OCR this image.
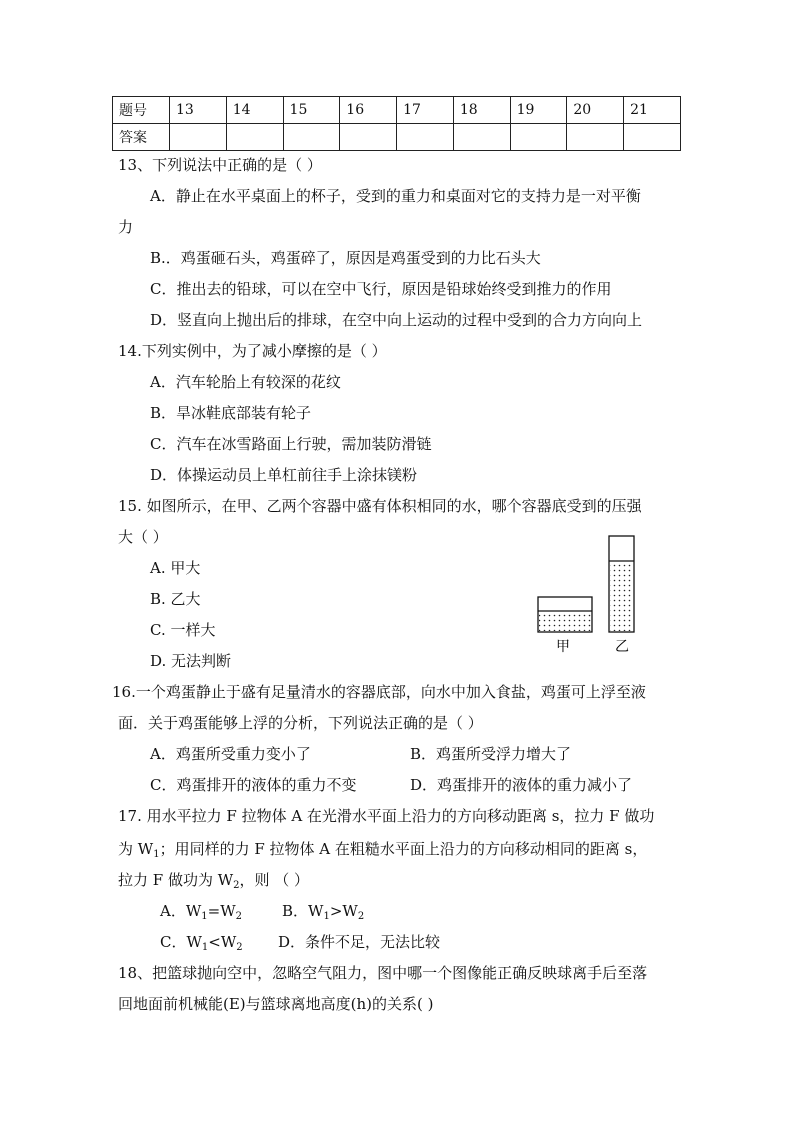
题号	13	14	15	16	17	18	19	20	21
答案									
13、下列说法中正确的是（ ）
A．静止在水平桌面上的杯子，受到的重力和桌面对它的支持力是一对平衡
力
B.．鸡蛋砸石头，鸡蛋碎了，原因是鸡蛋受到的力比石头大
C．推出去的铅球，可以在空中飞行，原因是铅球始终受到推力的作用
D．竖直向上抛出后的排球，在空中向上运动的过程中受到的合力方向向上
14.下列实例中，为了减小摩擦的是（ ）
A．汽车轮胎上有较深的花纹
B．旱冰鞋底部装有轮子
C．汽车在冰雪路面上行驶，需加装防滑链
D．体操运动员上单杠前往手上涂抹镁粉
15. 如图所示，在甲、乙两个容器中盛有体积相同的水，哪个容器底受到的压强
大（ ）
A. 甲大
B. 乙大
C. 一样大
D. 无法判断
甲	乙
16.一个鸡蛋静止于盛有足量清水的容器底部，向水中加入食盐，鸡蛋可上浮至液
面．关于鸡蛋能够上浮的分析，下列说法正确的是（ ）
A．鸡蛋所受重力变小了	B．鸡蛋所受浮力增大了
C．鸡蛋排开的液体的重力不变	D．鸡蛋排开的液体的重力减小了
17. 用水平拉力 F 拉物体 A 在光滑水平面上沿力的方向移动距离 s，拉力 F 做功
为 $W_1$；用同样的力 F 拉物体 A 在粗糙水平面上沿力的方向移动相同的距离 s，
拉力 F 做功为 $W_2$，则 （ ）
A．$W_1=W_2$	B．$W_1>W_2$
C．$W_1<W_2$ D．条件不足，无法比较
18、把篮球抛向空中，忽略空气阻力，图中哪一个图像能正确反映球离手后至落
回地面前机械能(E)与篮球离地高度(h)的关系( )
